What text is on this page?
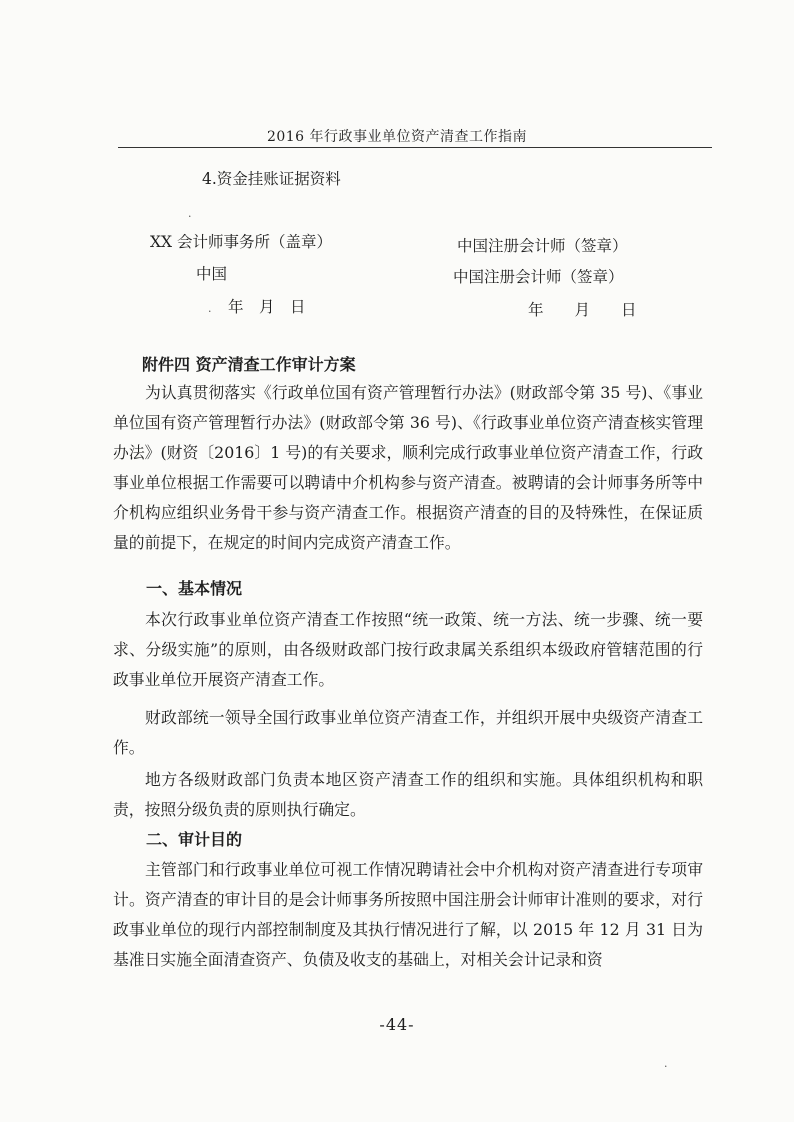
2016 年行政事业单位资产清查工作指南
4.资金挂账证据资料
XX 会计师事务所（盖章）
中国
年　月　日
中国注册会计师（签章）
中国注册会计师（签章）
年　　月　　日
·
·
·
附件四 资产清查工作审计方案

为认真贯彻落实《行政单位国有资产管理暂行办法》(财政部令第 35 号)、《事业单位国有资产管理暂行办法》(财政部令第 36 号)、《行政事业单位资产清查核实管理办法》(财资〔2016〕1 号)的有关要求，顺利完成行政事业单位资产清查工作，行政事业单位根据工作需要可以聘请中介机构参与资产清查。被聘请的会计师事务所等中介机构应组织业务骨干参与资产清查工作。根据资产清查的目的及特殊性，在保证质量的前提下，在规定的时间内完成资产清查工作。

一、基本情况

本次行政事业单位资产清查工作按照“统一政策、统一方法、统一步骤、统一要求、分级实施”的原则，由各级财政部门按行政隶属关系组织本级政府管辖范围的行政事业单位开展资产清查工作。

财政部统一领导全国行政事业单位资产清查工作，并组织开展中央级资产清查工作。

地方各级财政部门负责本地区资产清查工作的组织和实施。具体组织机构和职责，按照分级负责的原则执行确定。

二、审计目的

主管部门和行政事业单位可视工作情况聘请社会中介机构对资产清查进行专项审计。资产清查的审计目的是会计师事务所按照中国注册会计师审计准则的要求，对行政事业单位的现行内部控制制度及其执行情况进行了解，以 2015 年 12 月 31 日为基准日实施全面清查资产、负债及收支的基础上，对相关会计记录和资

-44-
